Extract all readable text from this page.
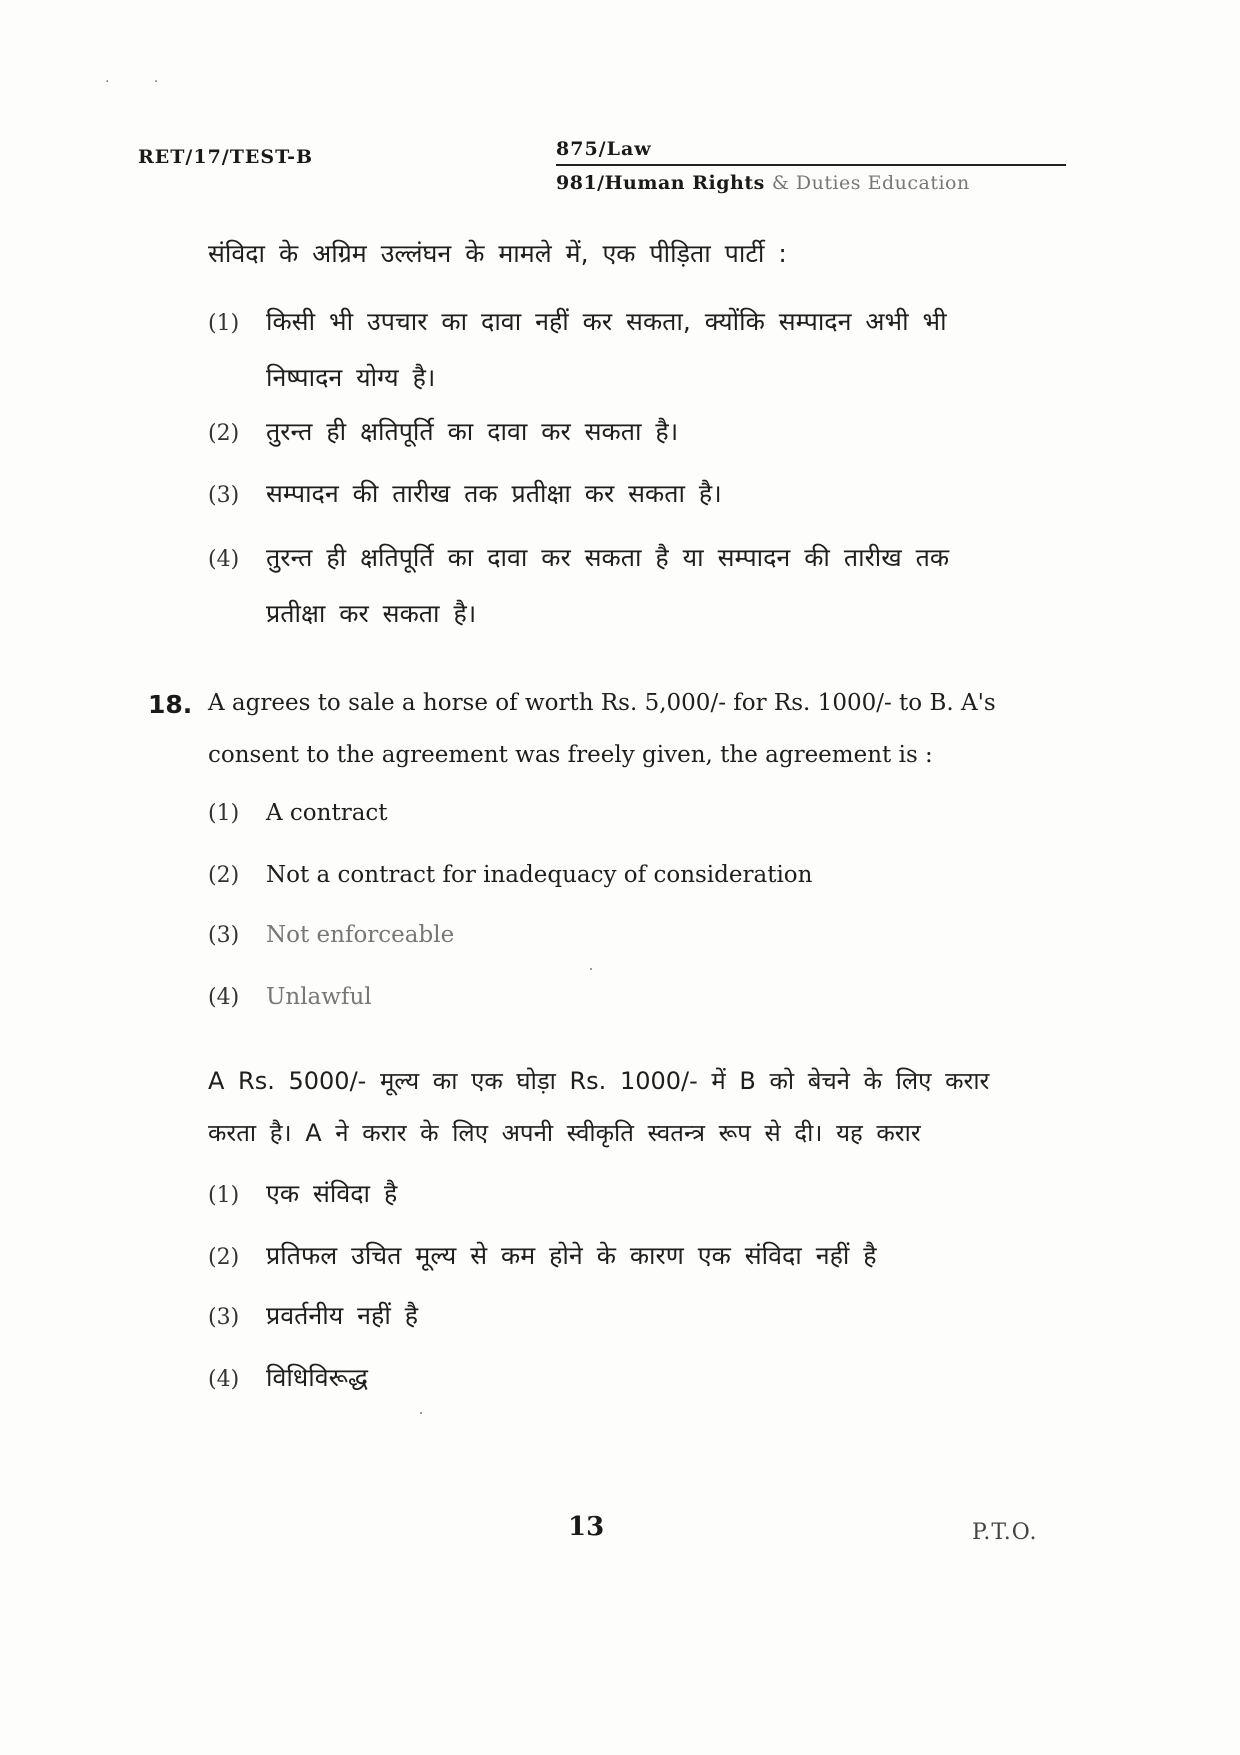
· ·
RET/17/TEST-B	875/Law
981/Human Rights & Duties Education
संविदा के अग्रिम उल्लंघन के मामले में, एक पीड़िता पार्टी :
(1) किसी भी उपचार का दावा नहीं कर सकता, क्योंकि सम्पादन अभी भी
निष्पादन योग्य है।
(2) तुरन्त ही क्षतिपूर्ति का दावा कर सकता है।
(3) सम्पादन की तारीख तक प्रतीक्षा कर सकता है।
(4) तुरन्त ही क्षतिपूर्ति का दावा कर सकता है या सम्पादन की तारीख तक
प्रतीक्षा कर सकता है।
18. A agrees to sale a horse of worth Rs. 5,000/- for Rs. 1000/- to B. A's
consent to the agreement was freely given, the agreement is :
(1) A contract
(2) Not a contract for inadequacy of consideration
(3) Not enforceable
(4) Unlawful
A Rs. 5000/- मूल्य का एक घोड़ा Rs. 1000/- में B को बेचने के लिए करार
करता है। A ने करार के लिए अपनी स्वीकृति स्वतन्त्र रूप से दी। यह करार
(1) एक संविदा है
(2) प्रतिफल उचित मूल्य से कम होने के कारण एक संविदा नहीं है
(3) प्रवर्तनीय नहीं है
(4) विधिविरूद्ध
13	P.T.O.
